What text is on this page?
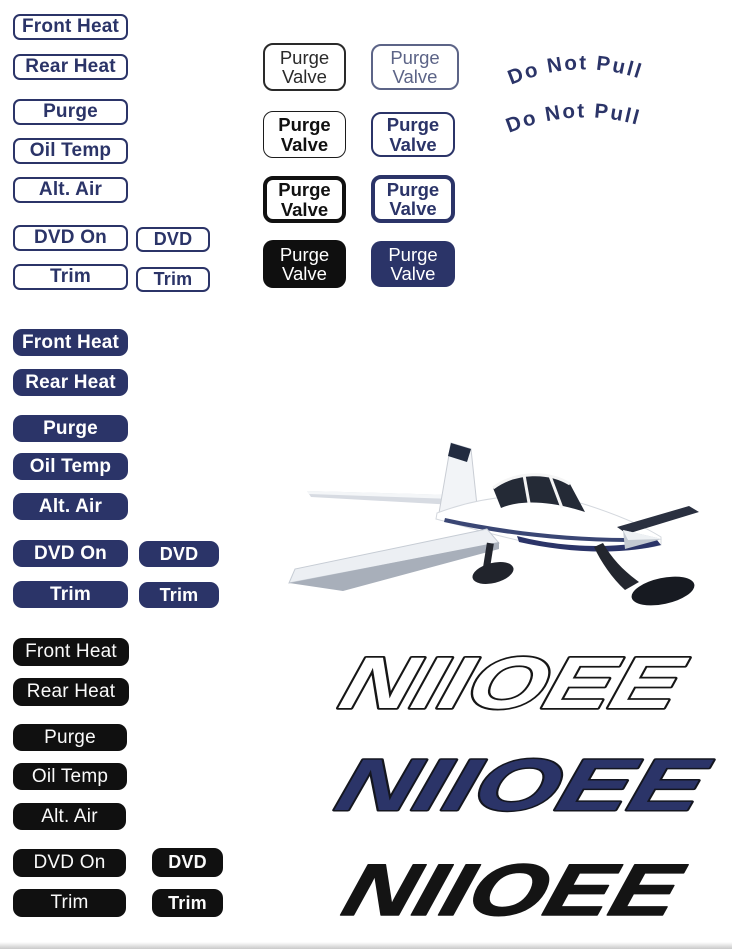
Front Heat
Rear Heat
Purge
Oil Temp
Alt. Air
DVD On	DVD
Trim	Trim
Front Heat
Rear Heat
Purge
Oil Temp
Alt. Air
DVD On	DVD
Trim	Trim
Front Heat
Rear Heat
Purge
Oil Temp
Alt. Air
DVD On	DVD
Trim	Trim
Purge
Valve
Purge
Valve
Purge
Valve
Purge
Valve
Purge
Valve
Purge
Valve
Purge
Valve
Purge
Valve
Do Not Pull
Do Not Pull
NIIOEE
NIIOEE
NIIOEE
